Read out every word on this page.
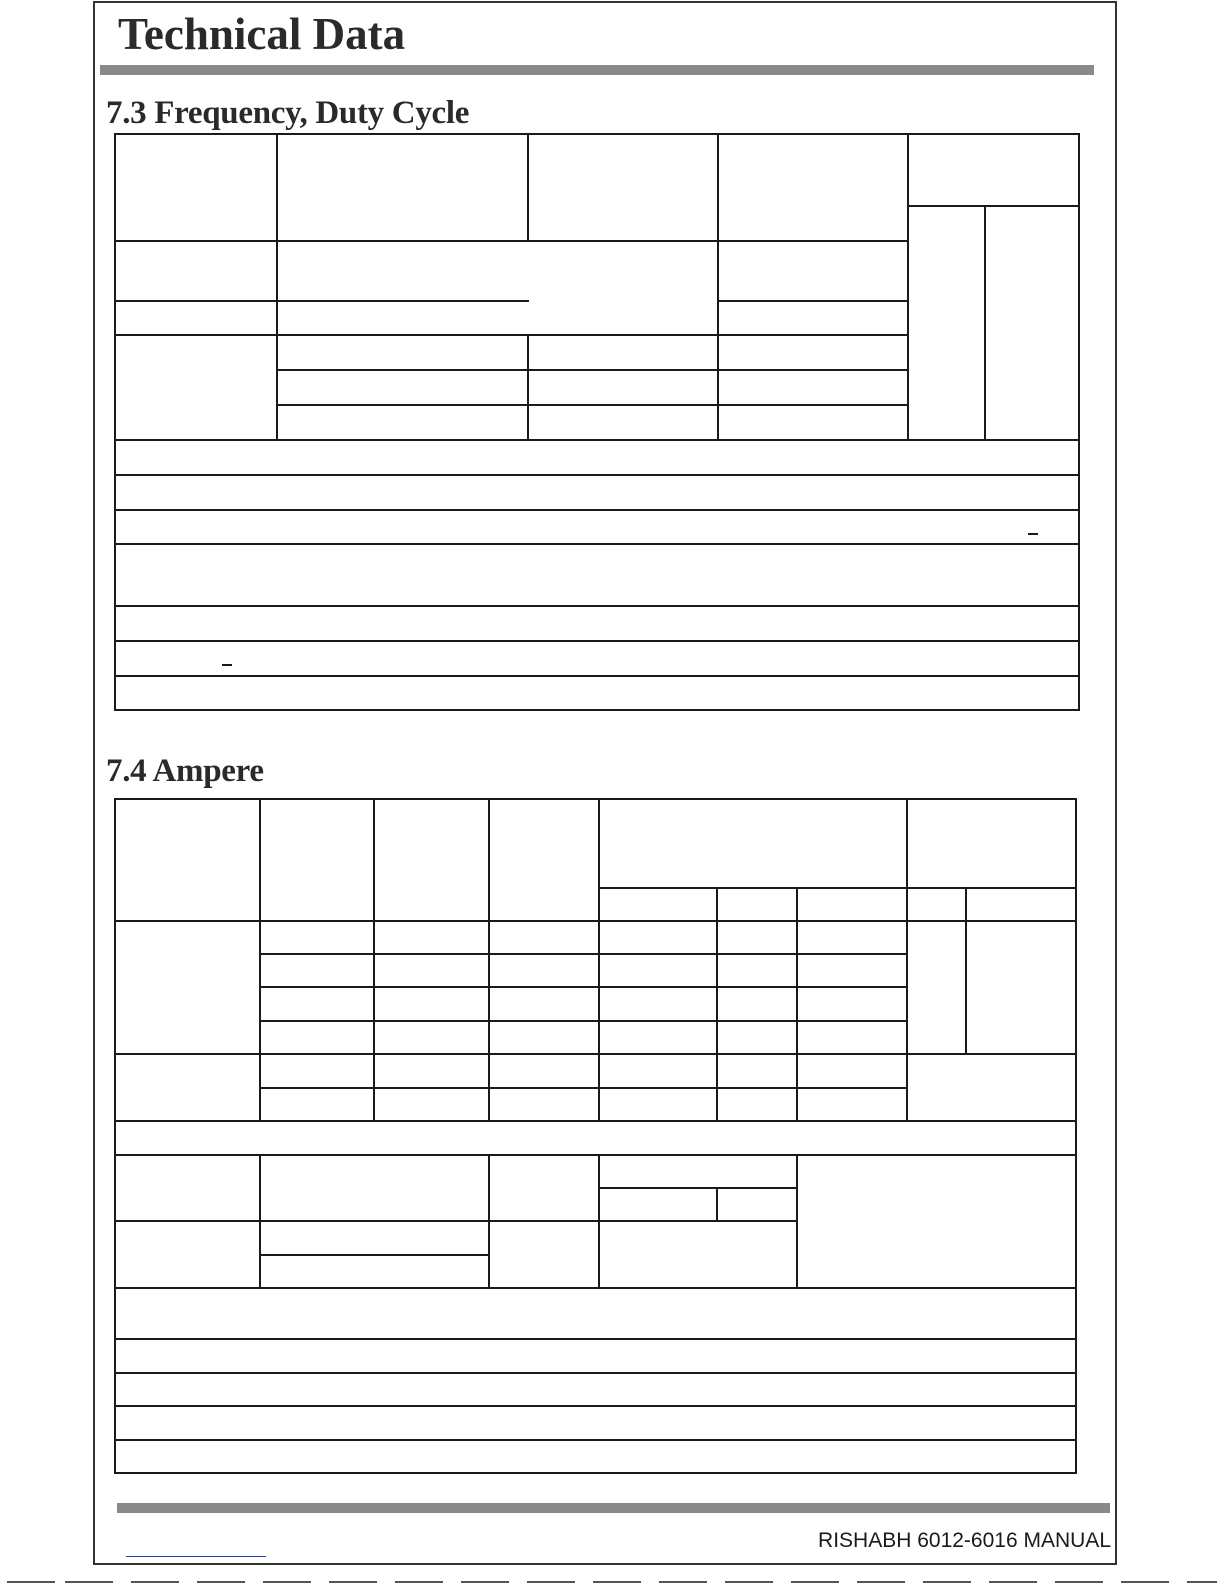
Technical Data
7.3 Frequency, Duty Cycle
7.4 Ampere

RISHABH 6012-6016 MANUAL
